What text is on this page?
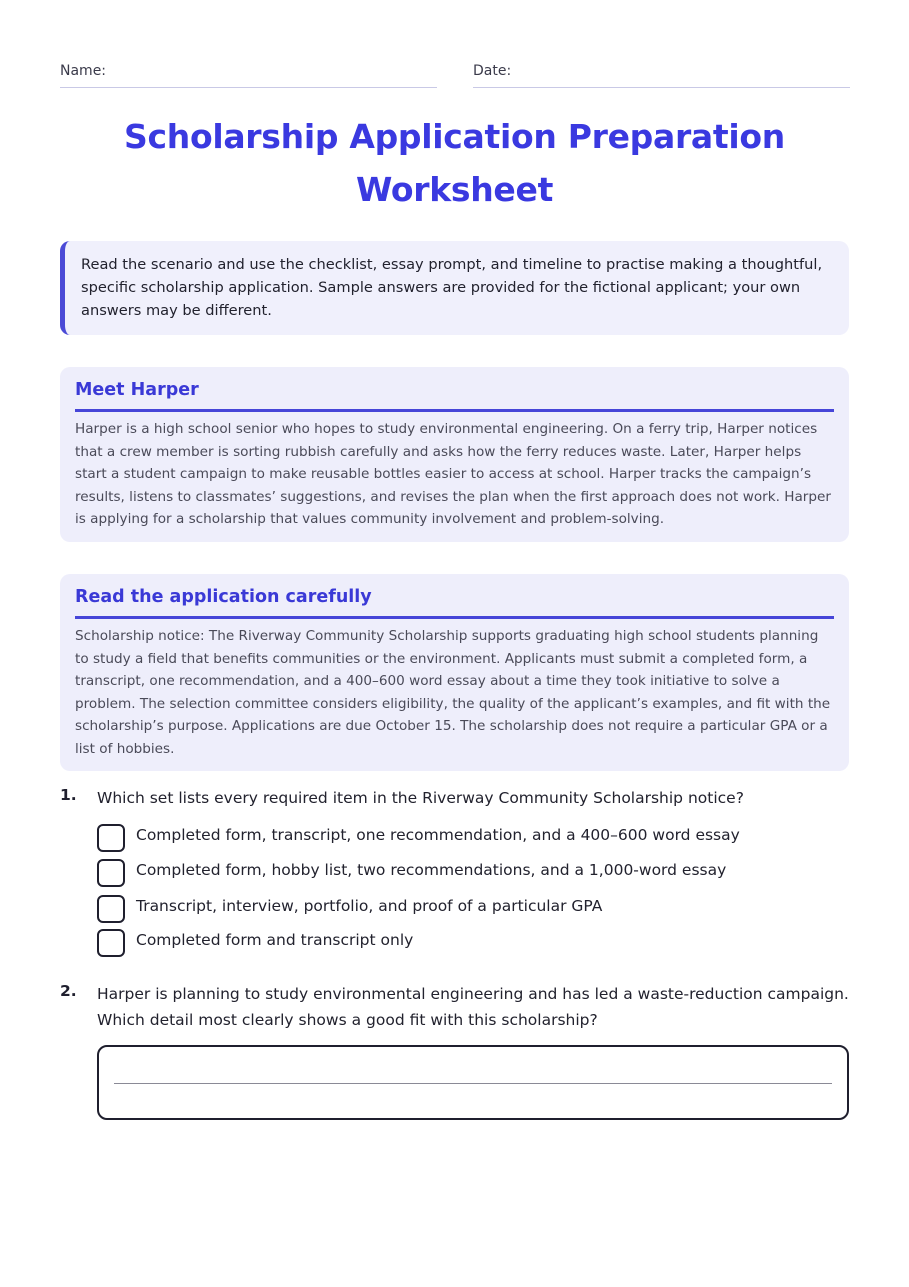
Name:	Date:
Scholarship Application Preparation Worksheet

Read the scenario and use the checklist, essay prompt, and timeline to practise making a thoughtful, specific scholarship application. Sample answers are provided for the fictional applicant; your own answers may be different.

Meet Harper

Harper is a high school senior who hopes to study environmental engineering. On a ferry trip, Harper notices that a crew member is sorting rubbish carefully and asks how the ferry reduces waste. Later, Harper helps start a student campaign to make reusable bottles easier to access at school. Harper tracks the campaign’s results, listens to classmates’ suggestions, and revises the plan when the first approach does not work. Harper is applying for a scholarship that values community involvement and problem-solving.

Read the application carefully

Scholarship notice: The Riverway Community Scholarship supports graduating high school students planning to study a field that benefits communities or the environment. Applicants must submit a completed form, a transcript, one recommendation, and a 400–600 word essay about a time they took initiative to solve a problem. The selection committee considers eligibility, the quality of the applicant’s examples, and fit with the scholarship’s purpose. Applications are due October 15. The scholarship does not require a particular GPA or a list of hobbies.

1. Which set lists every required item in the Riverway Community Scholarship notice?
Completed form, transcript, one recommendation, and a 400–600 word essay
Completed form, hobby list, two recommendations, and a 1,000-word essay
Transcript, interview, portfolio, and proof of a particular GPA
Completed form and transcript only
2. Harper is planning to study environmental engineering and has led a waste-reduction campaign. Which detail most clearly shows a good fit with this scholarship?
